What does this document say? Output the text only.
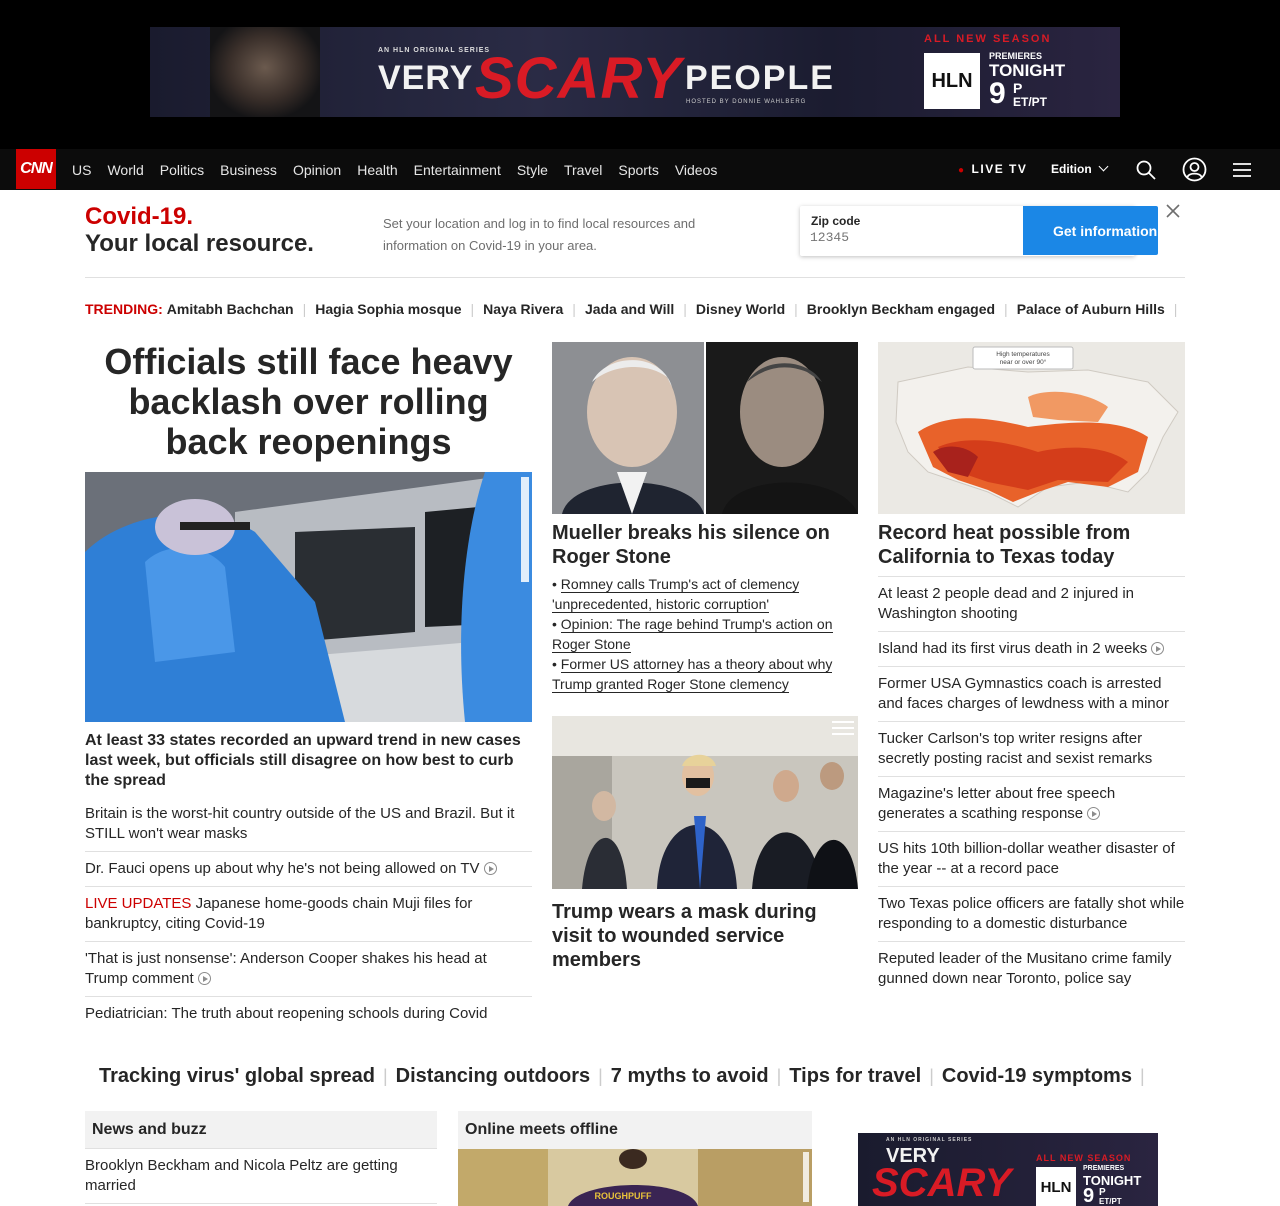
AN HLN ORIGINAL SERIES
VERY SCARY PEOPLE
HOSTED BY DONNIE WAHLBERG
ALL NEW SEASON
HLN
PREMIERES
TONIGHT
9 P
ET/PT
CNN US World Politics Business Opinion Health Entertainment Style Travel Sports Videos	● LIVE TV Edition
Covid-19.
Your local resource.
Set your location and log in to find local resources and information on Covid-19 in your area.
Zip code
12345
Get information
TRENDING: Amitabh Bachchan | Hagia Sophia mosque | Naya Rivera | Jada and Will | Disney World | Brooklyn Beckham engaged | Palace of Auburn Hills |
Officials still face heavy backlash over rolling back reopenings
At least 33 states recorded an upward trend in new cases last week, but officials still disagree on how best to curb the spread
Britain is the worst-hit country outside of the US and Brazil. But it STILL won't wear masks
Dr. Fauci opens up about why he's not being allowed on TV
LIVE UPDATES Japanese home-goods chain Muji files for bankruptcy, citing Covid-19
'That is just nonsense': Anderson Cooper shakes his head at Trump comment
Pediatrician: The truth about reopening schools during Covid
Mueller breaks his silence on Roger Stone
• Romney calls Trump's act of clemency 'unprecedented, historic corruption'
• Opinion: The rage behind Trump's action on Roger Stone
• Former US attorney has a theory about why Trump granted Roger Stone clemency
Trump wears a mask during visit to wounded service members
High temperatures
near or over 90°
Record heat possible from California to Texas today
At least 2 people dead and 2 injured in Washington shooting
Island had its first virus death in 2 weeks
Former USA Gymnastics coach is arrested and faces charges of lewdness with a minor
Tucker Carlson's top writer resigns after secretly posting racist and sexist remarks
Magazine's letter about free speech generates a scathing response
US hits 10th billion-dollar weather disaster of the year -- at a record pace
Two Texas police officers are fatally shot while responding to a domestic disturbance
Reputed leader of the Musitano crime family gunned down near Toronto, police say
Tracking virus' global spread | Distancing outdoors | 7 myths to avoid | Tips for travel | Covid-19 symptoms |
News and buzz
Brooklyn Beckham and Nicola Peltz are getting married
Online meets offline
ROUGHPUFF
AN HLN ORIGINAL SERIES
VERY
SCARY
ALL NEW SEASON
HLN
PREMIERES
TONIGHT
9 P
ET/PT
